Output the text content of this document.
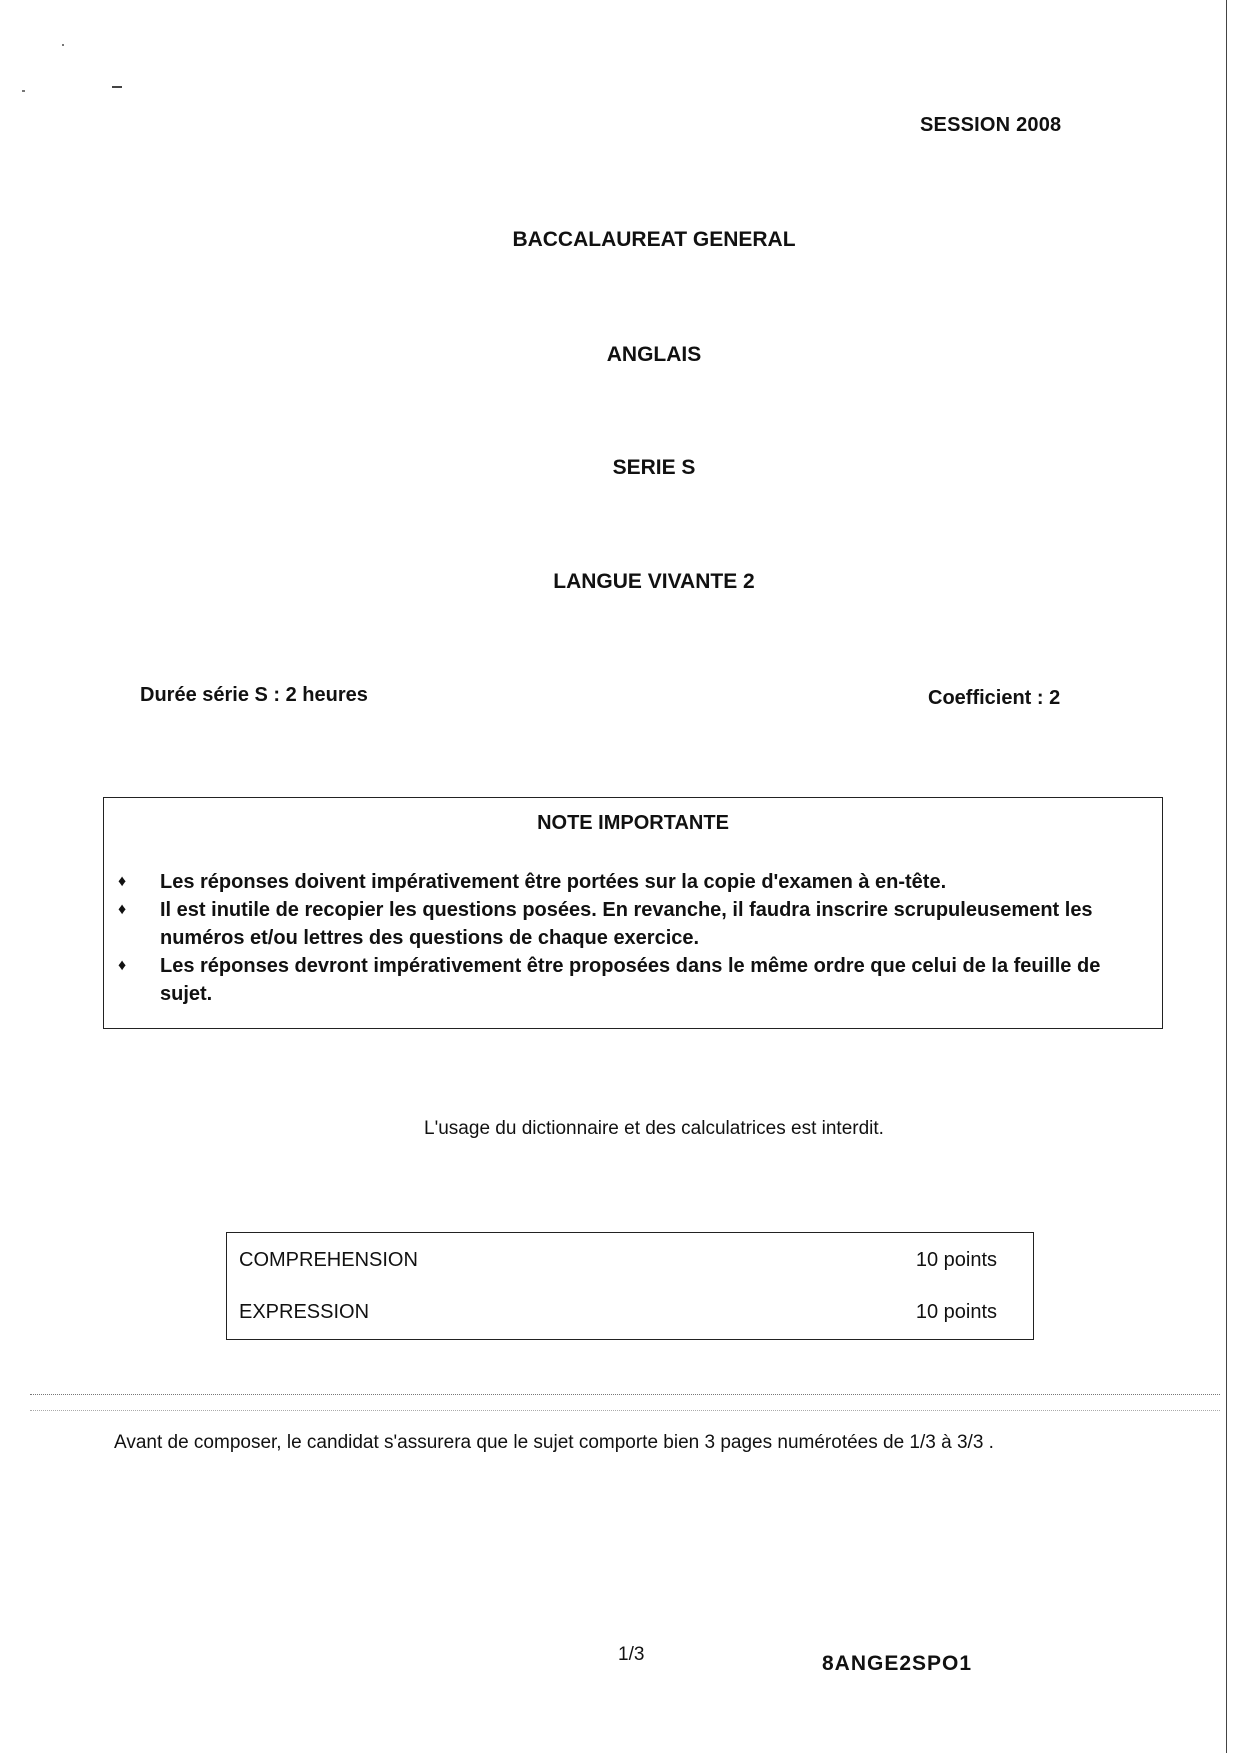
SESSION 2008
BACCALAUREAT GENERAL
ANGLAIS
SERIE S
LANGUE VIVANTE 2
Durée série S : 2 heures	Coefficient : 2
NOTE IMPORTANTE
♦ Les réponses doivent impérativement être portées sur la copie d'examen à en-tête.
♦ Il est inutile de recopier les questions posées. En revanche, il faudra inscrire scrupuleusement les numéros et/ou lettres des questions de chaque exercice.
♦ Les réponses devront impérativement être proposées dans le même ordre que celui de la feuille de sujet.
L'usage du dictionnaire et des calculatrices est interdit.
COMPREHENSION	10 points
EXPRESSION	10 points
Avant de composer, le candidat s'assurera que le sujet comporte bien 3 pages numérotées de 1/3 à 3/3 .
1/3	8ANGE2SPO1
